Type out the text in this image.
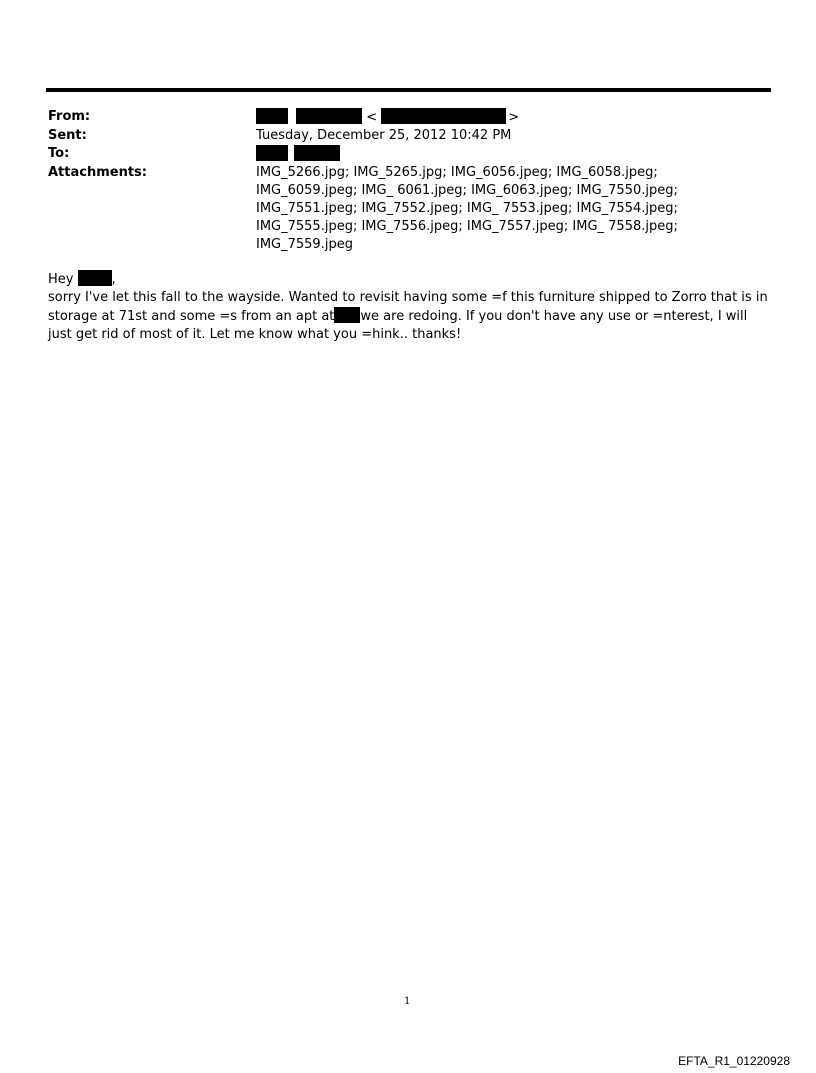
From:	<	>
Sent:	Tuesday, December 25, 2012 10:42 PM
To:

Attachments:	IMG_5266.jpg; IMG_5265.jpg; IMG_6056.jpeg; IMG_6058.jpeg; IMG_6059.jpeg; IMG_ 6061.jpeg; IMG_6063.jpeg; IMG_7550.jpeg; IMG_7551.jpeg; IMG_7552.jpeg; IMG_ 7553.jpeg; IMG_7554.jpeg; IMG_7555.jpeg; IMG_7556.jpeg; IMG_7557.jpeg; IMG_ 7558.jpeg; IMG_7559.jpeg

Hey	,

sorry I've let this fall to the wayside. Wanted to revisit having some =f this furniture shipped to Zorro that is in storage at 71st and some =s from an apt at we are redoing. If you don't have any use or =nterest, I will just get rid of most of it. Let me know what you =hink.. thanks!

1
EFTA_R1_01220928
